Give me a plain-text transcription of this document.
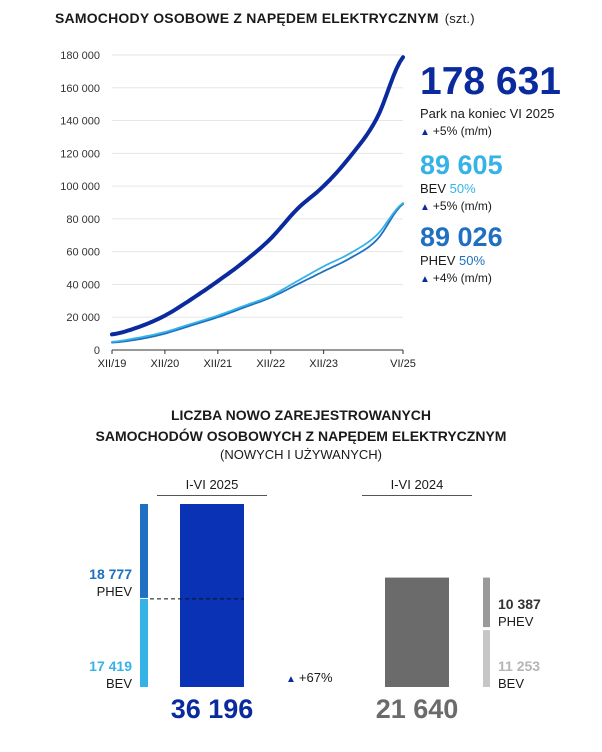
SAMOCHODY OSOBOWE Z NAPĘDEM ELEKTRYCZNYM (szt.)
0
20 000
40 000
60 000
80 000
100 000
120 000
140 000
160 000
180 000
XII/19 XII/20 XII/21 XII/22 XII/23	VI/25
178 631
Park na koniec VI 2025
▲ +5% (m/m)
89 605
BEV 50%
▲ +5% (m/m)
89 026
PHEV 50%
▲ +4% (m/m)
LICZBA NOWO ZAREJESTROWANYCH
SAMOCHODÓW OSOBOWYCH Z NAPĘDEM ELEKTRYCZNYM
(NOWYCH I UŻYWANYCH)
I-VI 2025	I-VI 2024
18 777
PHEV
17 419
BEV
36 196
▲ +67%
10 387
PHEV
11 253
BEV
21 640
